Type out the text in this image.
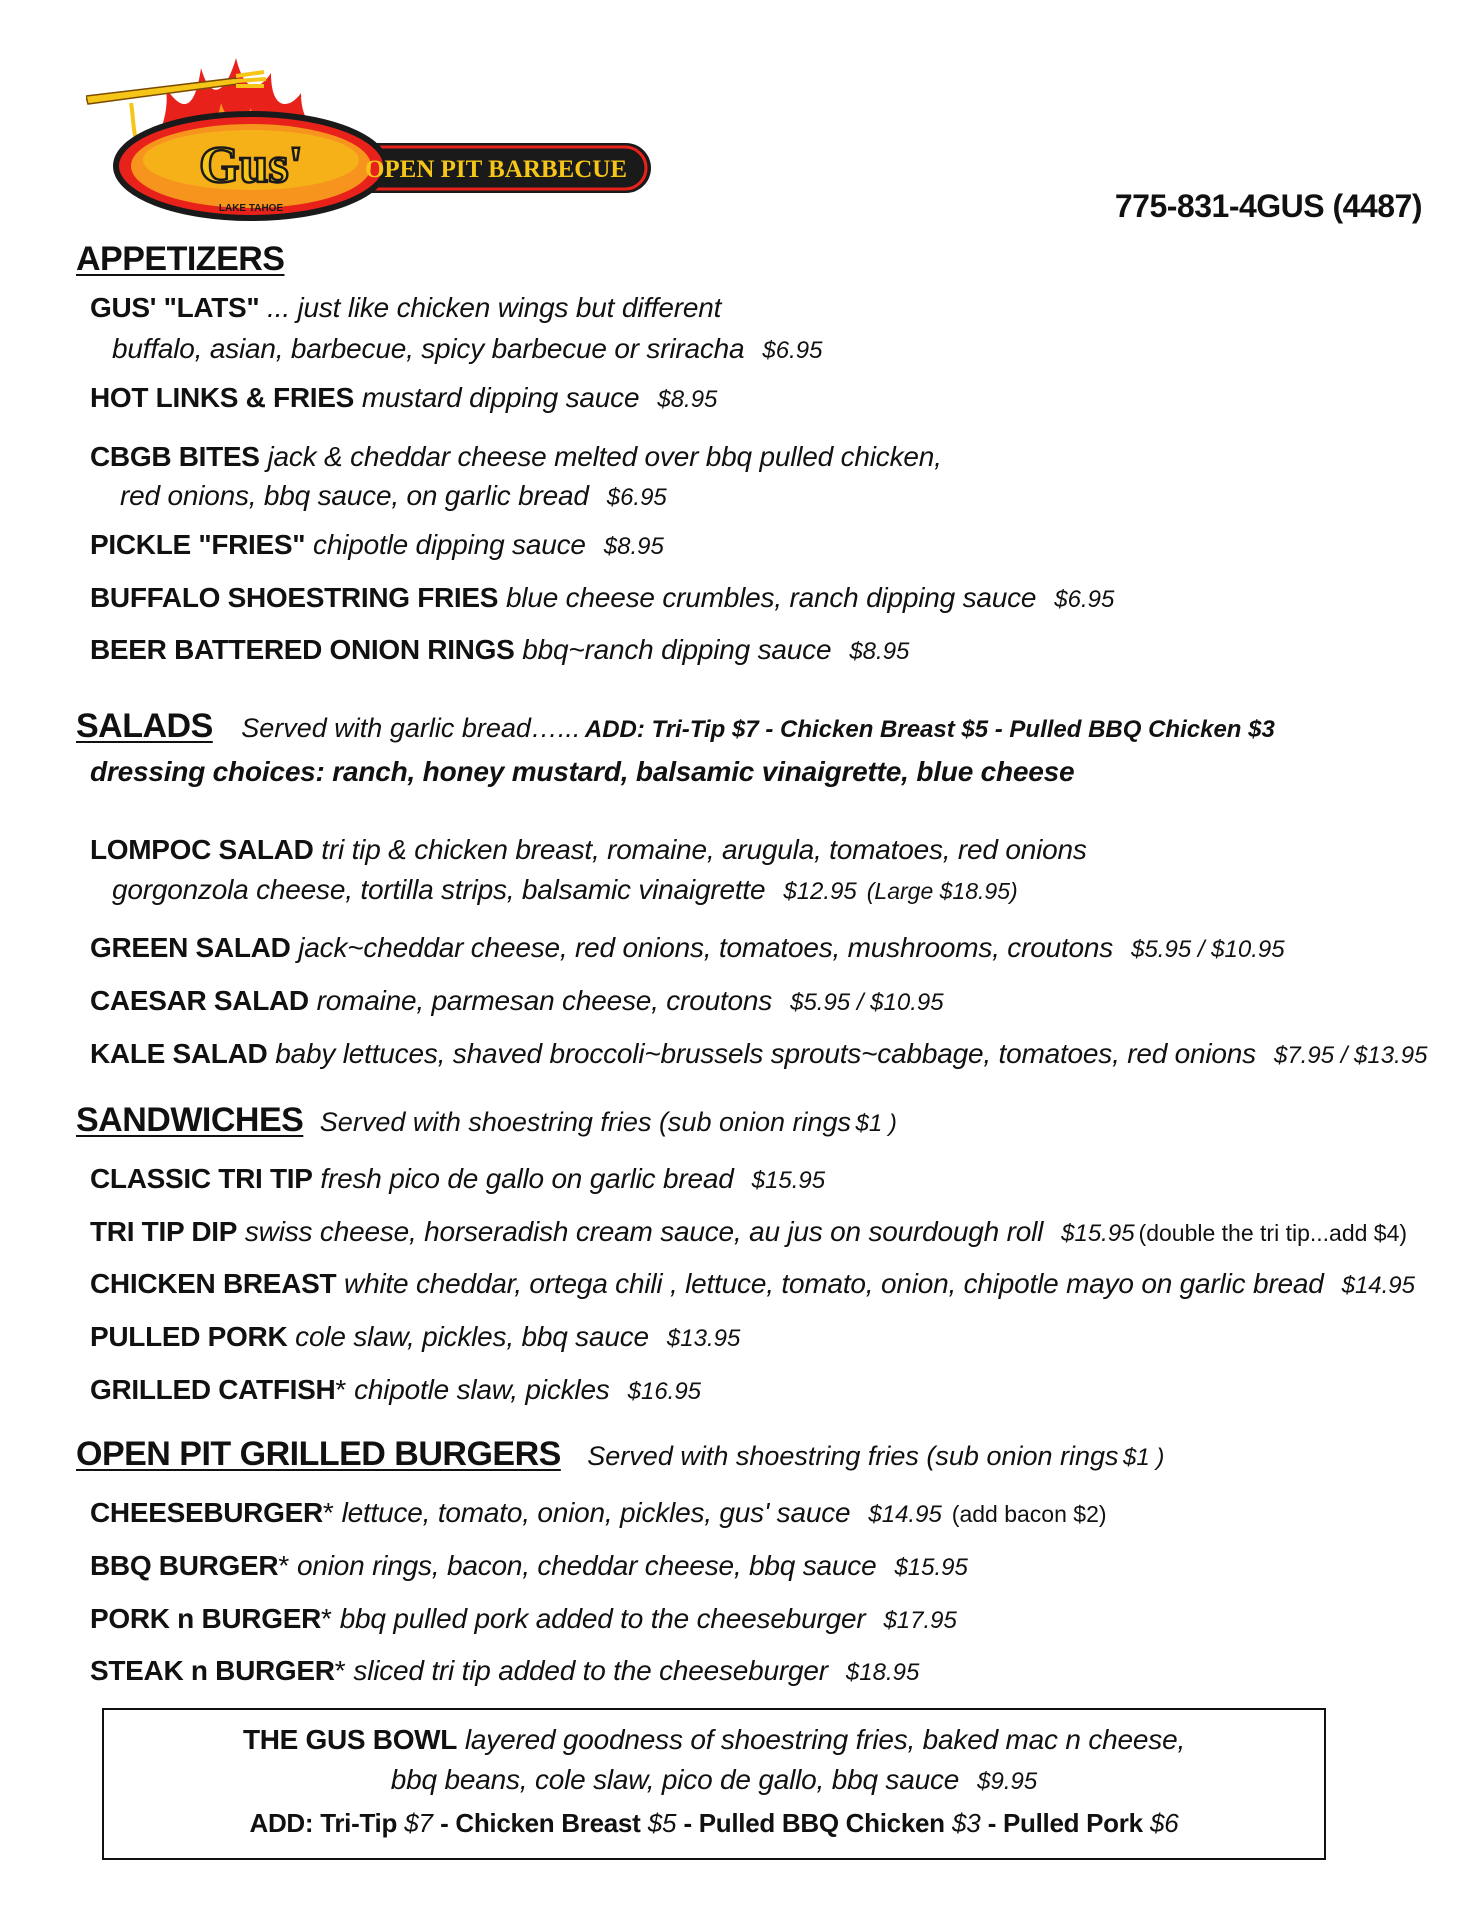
Gus'
LAKE TAHOE
OPEN PIT BARBECUE
775-831-4GUS (4487)
APPETIZERS
GUS' "LATS" ... just like chicken wings but different
buffalo, asian, barbecue, spicy barbecue or sriracha $6.95
HOT LINKS & FRIES mustard dipping sauce $8.95
CBGB BITES jack & cheddar cheese melted over bbq pulled chicken,
red onions, bbq sauce, on garlic bread $6.95
PICKLE "FRIES" chipotle dipping sauce $8.95
BUFFALO SHOESTRING FRIES blue cheese crumbles, ranch dipping sauce $6.95
BEER BATTERED ONION RINGS bbq~ranch dipping sauce $8.95
SALADS Served with garlic bread…... ADD: Tri-Tip $7 - Chicken Breast $5 - Pulled BBQ Chicken $3
dressing choices: ranch, honey mustard, balsamic vinaigrette, blue cheese
LOMPOC SALAD tri tip & chicken breast, romaine, arugula, tomatoes, red onions
gorgonzola cheese, tortilla strips, balsamic vinaigrette $12.95 (Large $18.95)
GREEN SALAD jack~cheddar cheese, red onions, tomatoes, mushrooms, croutons $5.95 / $10.95
CAESAR SALAD romaine, parmesan cheese, croutons $5.95 / $10.95
KALE SALAD baby lettuces, shaved broccoli~brussels sprouts~cabbage, tomatoes, red onions $7.95 / $13.95
SANDWICHES Served with shoestring fries (sub onion rings $1 )
CLASSIC TRI TIP fresh pico de gallo on garlic bread $15.95
TRI TIP DIP swiss cheese, horseradish cream sauce, au jus on sourdough roll $15.95 (double the tri tip...add $4)
CHICKEN BREAST white cheddar, ortega chili , lettuce, tomato, onion, chipotle mayo on garlic bread $14.95
PULLED PORK cole slaw, pickles, bbq sauce $13.95
GRILLED CATFISH* chipotle slaw, pickles $16.95
OPEN PIT GRILLED BURGERS Served with shoestring fries (sub onion rings $1 )
CHEESEBURGER* lettuce, tomato, onion, pickles, gus' sauce $14.95 (add bacon $2)
BBQ BURGER* onion rings, bacon, cheddar cheese, bbq sauce $15.95
PORK n BURGER* bbq pulled pork added to the cheeseburger $17.95
STEAK n BURGER* sliced tri tip added to the cheeseburger $18.95
THE GUS BOWL layered goodness of shoestring fries, baked mac n cheese,
bbq beans, cole slaw, pico de gallo, bbq sauce $9.95
ADD: Tri-Tip $7 - Chicken Breast $5 - Pulled BBQ Chicken $3 - Pulled Pork $6
